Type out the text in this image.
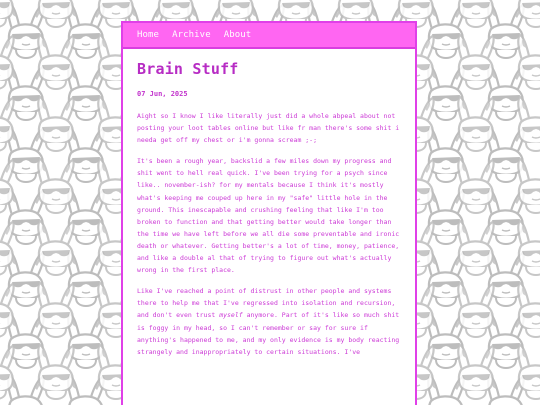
Home Archive About
Brain Stuff
07 Jun, 2025

Aight so I know I like literally just did a whole abpeal about not posting your loot tables online but like fr man there's some shit i needa get off my chest or i'm gonna scream ;-;

It's been a rough year, backslid a few miles down my progress and shit went to hell real quick. I've been trying for a psych since like.. november-ish? for my mentals because I think it's mostly what's keeping me couped up here in my "safe" little hole in the ground. This inescapable and crushing feeling that like I'm too broken to function and that getting better would take longer than the time we have left before we all die some preventable and ironic death or whatever. Getting better's a lot of time, money, patience, and like a double al that of trying to figure out what's actually wrong in the first place.

Like I've reached a point of distrust in other people and systems there to help me that I've regressed into isolation and recursion, and don't even trust myself anymore. Part of it's like so much shit is foggy in my head, so I can't remember or say for sure if anything's happened to me, and my only evidence is my body reacting strangely and inappropriately to certain situations. I've
